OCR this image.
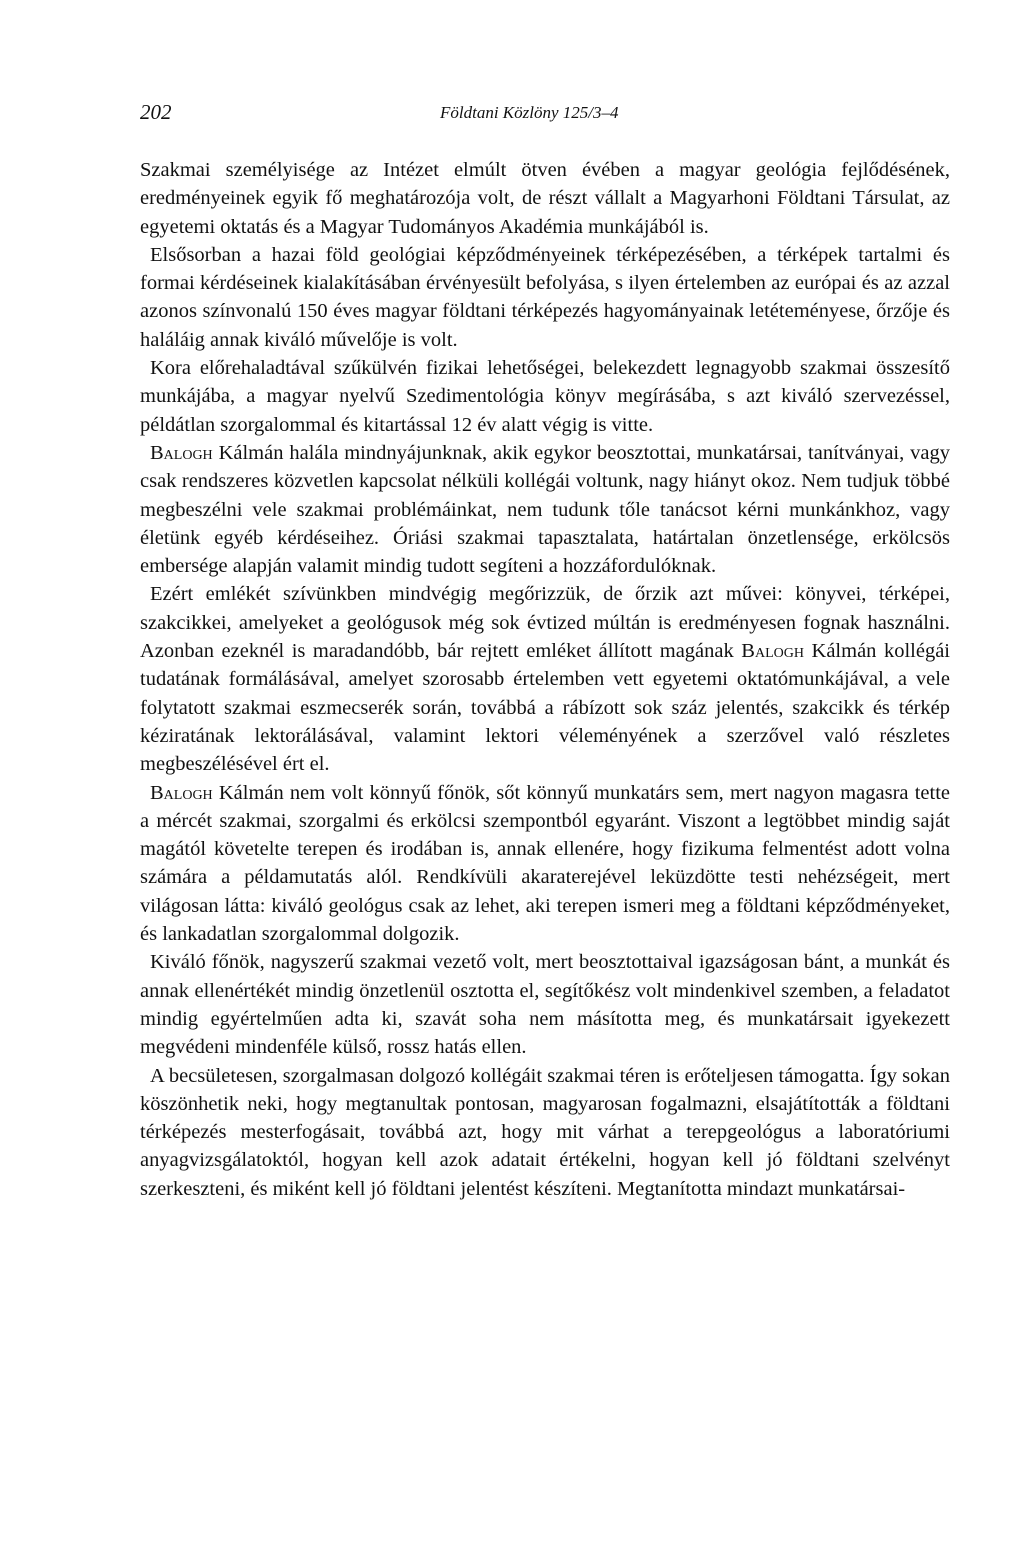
202	Földtani Közlöny 125/3–4

Szakmai személyisége az Intézet elmúlt ötven évében a magyar geológia fejlődésének, eredményeinek egyik fő meghatározója volt, de részt vállalt a Magyarhoni Földtani Társulat, az egyetemi oktatás és a Magyar Tudományos Akadémia munkájából is.

Elsősorban a hazai föld geológiai képződményeinek térképezésében, a térképek tartalmi és formai kérdéseinek kialakításában érvényesült befolyása, s ilyen értelemben az európai és az azzal azonos színvonalú 150 éves magyar földtani térképezés hagyományainak letéteményese, őrzője és haláláig annak kiváló művelője is volt.

Kora előrehaladtával szűkülvén fizikai lehetőségei, belekezdett legnagyobb szakmai összesítő munkájába, a magyar nyelvű Szedimentológia könyv megírásába, s azt kiváló szervezéssel, példátlan szorgalommal és kitartással 12 év alatt végig is vitte.

Balogh Kálmán halála mindnyájunknak, akik egykor beosztottai, munkatársai, tanítványai, vagy csak rendszeres közvetlen kapcsolat nélküli kollégái voltunk, nagy hiányt okoz. Nem tudjuk többé megbeszélni vele szakmai problémáinkat, nem tudunk tőle tanácsot kérni munkánkhoz, vagy életünk egyéb kérdéseihez. Óriási szakmai tapasztalata, határtalan önzetlensége, erkölcsös embersége alapján valamit mindig tudott segíteni a hozzáfordulóknak.

Ezért emlékét szívünkben mindvégig megőrizzük, de őrzik azt művei: könyvei, térképei, szakcikkei, amelyeket a geológusok még sok évtized múltán is eredményesen fognak használni. Azonban ezeknél is maradandóbb, bár rejtett emléket állított magának Balogh Kálmán kollégái tudatának formálásával, amelyet szorosabb értelemben vett egyetemi oktatómunkájával, a vele folytatott szakmai eszmecserék során, továbbá a rábízott sok száz jelentés, szakcikk és térkép kéziratának lektorálásával, valamint lektori véleményének a szerzővel való részletes megbeszélésével ért el.

Balogh Kálmán nem volt könnyű főnök, sőt könnyű munkatárs sem, mert nagyon magasra tette a mércét szakmai, szorgalmi és erkölcsi szempontból egyaránt. Viszont a legtöbbet mindig saját magától követelte terepen és irodában is, annak ellenére, hogy fizikuma felmentést adott volna számára a példamutatás alól. Rendkívüli akaraterejével leküzdötte testi nehézségeit, mert világosan látta: kiváló geológus csak az lehet, aki terepen ismeri meg a földtani képződményeket, és lankadatlan szorgalommal dolgozik.

Kiváló főnök, nagyszerű szakmai vezető volt, mert beosztottaival igazságosan bánt, a munkát és annak ellenértékét mindig önzetlenül osztotta el, segítőkész volt mindenkivel szemben, a feladatot mindig egyértelműen adta ki, szavát soha nem másította meg, és munkatársait igyekezett megvédeni mindenféle külső, rossz hatás ellen.

A becsületesen, szorgalmasan dolgozó kollégáit szakmai téren is erőteljesen támogatta. Így sokan köszönhetik neki, hogy megtanultak pontosan, magyarosan fogalmazni, elsajátították a földtani térképezés mesterfogásait, továbbá azt, hogy mit várhat a terepgeológus a laboratóriumi anyagvizsgálatoktól, hogyan kell azok adatait értékelni, hogyan kell jó földtani szelvényt szerkeszteni, és miként kell jó földtani jelentést készíteni. Megtanította mindazt munkatársai-
